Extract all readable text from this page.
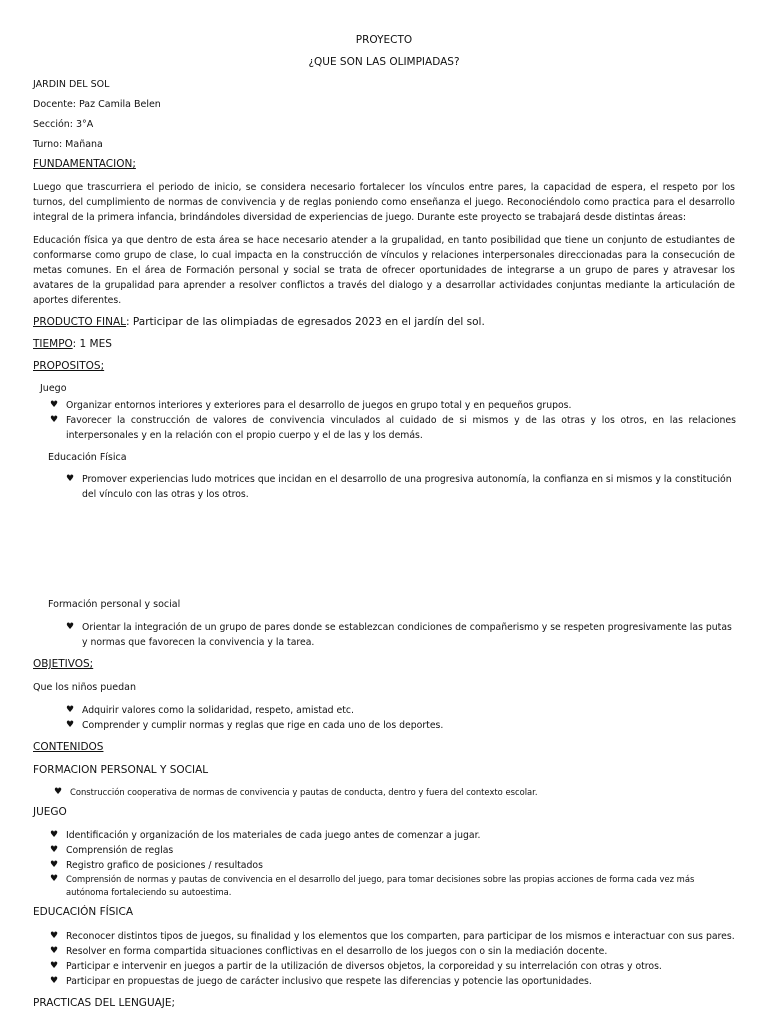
PROYECTO
¿QUE SON LAS OLIMPIADAS?
JARDIN DEL SOL
Docente: Paz Camila Belen
Sección: 3°A
Turno: Mañana
FUNDAMENTACION;
Luego que trascurriera el periodo de inicio, se considera necesario fortalecer los vínculos entre pares, la capacidad de espera, el respeto por los turnos, del cumplimiento de normas de convivencia y de reglas poniendo como enseñanza el juego. Reconociéndolo como practica para el desarrollo integral de la primera infancia, brindándoles diversidad de experiencias de juego. Durante este proyecto se trabajará desde distintas áreas:
Educación física ya que dentro de esta área se hace necesario atender a la grupalidad, en tanto posibilidad que tiene un conjunto de estudiantes de conformarse como grupo de clase, lo cual impacta en la construcción de vínculos y relaciones interpersonales direccionadas para la consecución de metas comunes. En el área de Formación personal y social se trata de ofrecer oportunidades de integrarse a un grupo de pares y atravesar los avatares de la grupalidad para aprender a resolver conflictos a través del dialogo y a desarrollar actividades conjuntas mediante la articulación de aportes diferentes.
PRODUCTO FINAL: Participar de las olimpiadas de egresados 2023 en el jardín del sol.
TIEMPO: 1 MES
PROPOSITOS;
Juego
♥ Organizar entornos interiores y exteriores para el desarrollo de juegos en grupo total y en pequeños grupos.
♥ Favorecer la construcción de valores de convivencia vinculados al cuidado de si mismos y de las otras y los otros, en las relaciones interpersonales y en la relación con el propio cuerpo y el de las y los demás.
Educación Física
♥ Promover experiencias ludo motrices que incidan en el desarrollo de una progresiva autonomía, la confianza en si mismos y la constitución del vínculo con las otras y los otros.
Formación personal y social
♥ Orientar la integración de un grupo de pares donde se establezcan condiciones de compañerismo y se respeten progresivamente las putas y normas que favorecen la convivencia y la tarea.
OBJETIVOS;
Que los niños puedan
♥ Adquirir valores como la solidaridad, respeto, amistad etc.
♥ Comprender y cumplir normas y reglas que rige en cada uno de los deportes.
CONTENIDOS
FORMACION PERSONAL Y SOCIAL
♥ Construcción cooperativa de normas de convivencia y pautas de conducta, dentro y fuera del contexto escolar.
JUEGO
♥ Identificación y organización de los materiales de cada juego antes de comenzar a jugar.
♥ Comprensión de reglas
♥ Registro grafico de posiciones / resultados
♥ Comprensión de normas y pautas de convivencia en el desarrollo del juego, para tomar decisiones sobre las propias acciones de forma cada vez más autónoma fortaleciendo su autoestima.
EDUCACIÓN FÍSICA
♥ Reconocer distintos tipos de juegos, su finalidad y los elementos que los comparten, para participar de los mismos e interactuar con sus pares.
♥ Resolver en forma compartida situaciones conflictivas en el desarrollo de los juegos con o sin la mediación docente.
♥ Participar e intervenir en juegos a partir de la utilización de diversos objetos, la corporeidad y su interrelación con otras y otros.
♥ Participar en propuestas de juego de carácter inclusivo que respete las diferencias y potencie las oportunidades.
PRACTICAS DEL LENGUAJE;
